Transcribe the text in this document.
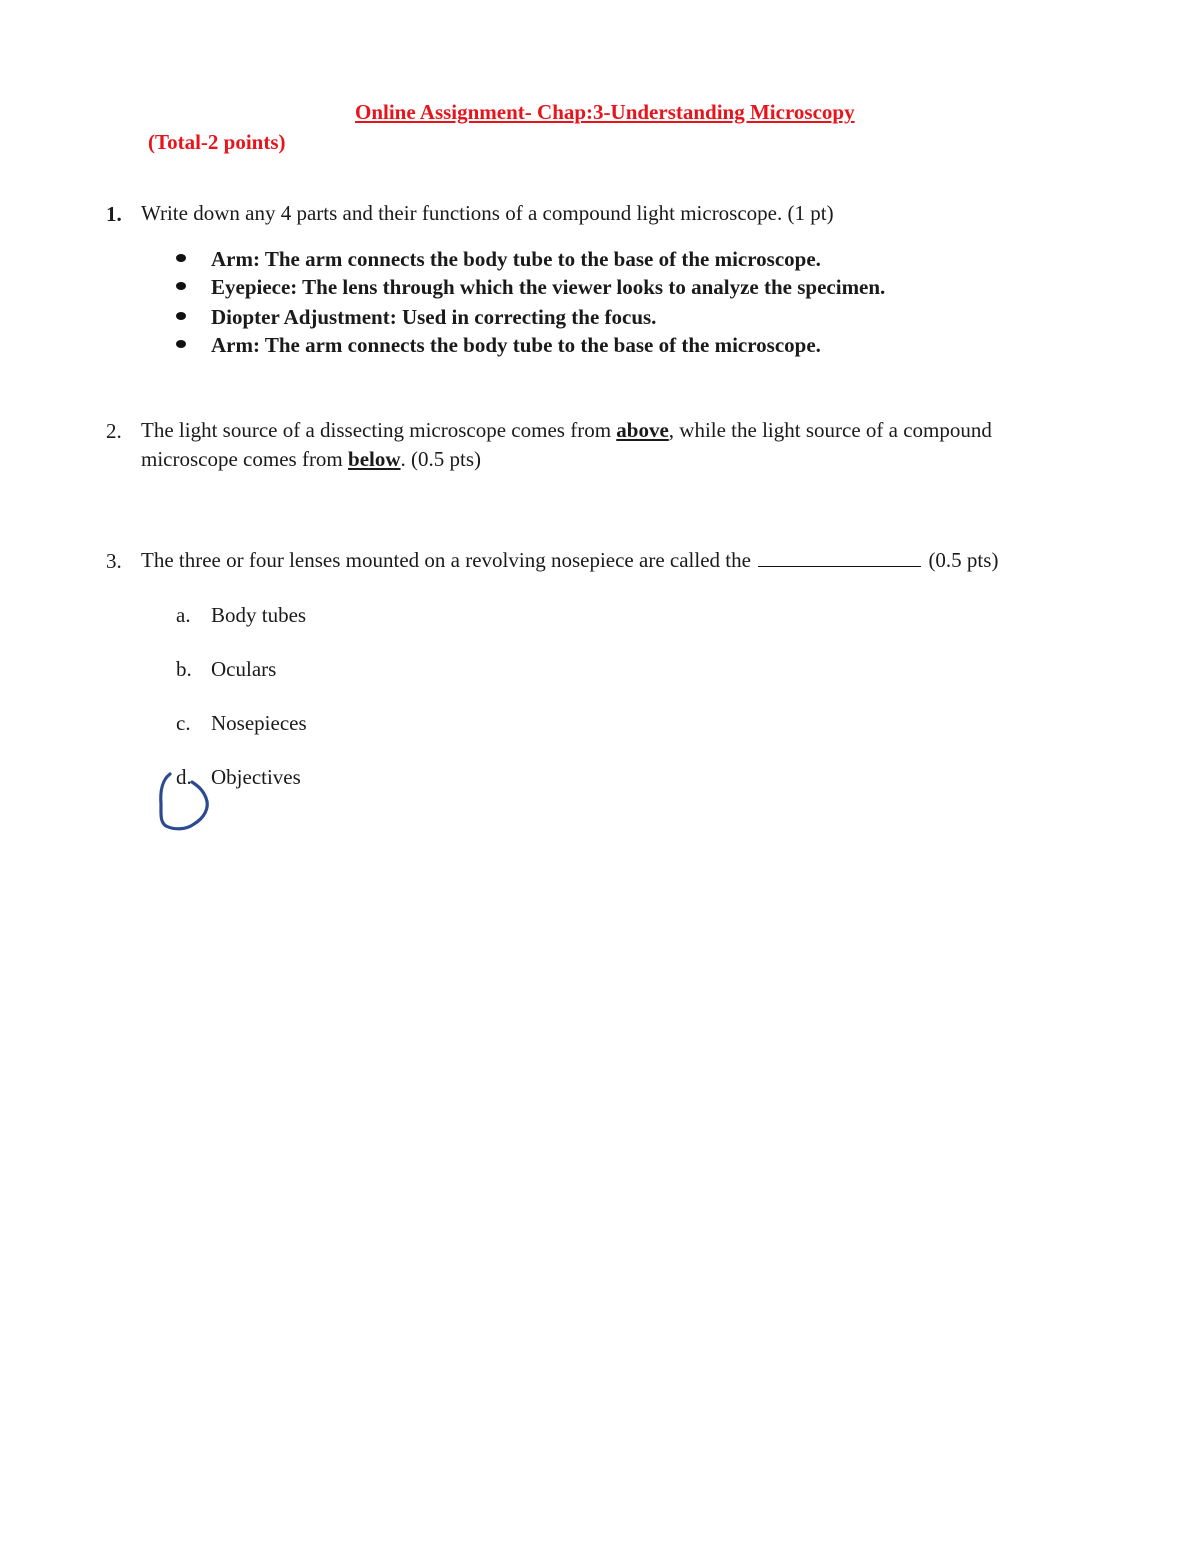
Online Assignment- Chap:3-Understanding Microscopy
(Total-2 points)
1. Write down any 4 parts and their functions of a compound light microscope. (1 pt)
Arm: The arm connects the body tube to the base of the microscope.
Eyepiece: The lens through which the viewer looks to analyze the specimen.
Diopter Adjustment: Used in correcting the focus.
Arm: The arm connects the body tube to the base of the microscope.
2. The light source of a dissecting microscope comes from above, while the light source of a compound
microscope comes from below. (0.5 pts)
3. The three or four lenses mounted on a revolving nosepiece are called the	(0.5 pts)
a. Body tubes
b. Oculars
c. Nosepieces
d. Objectives
